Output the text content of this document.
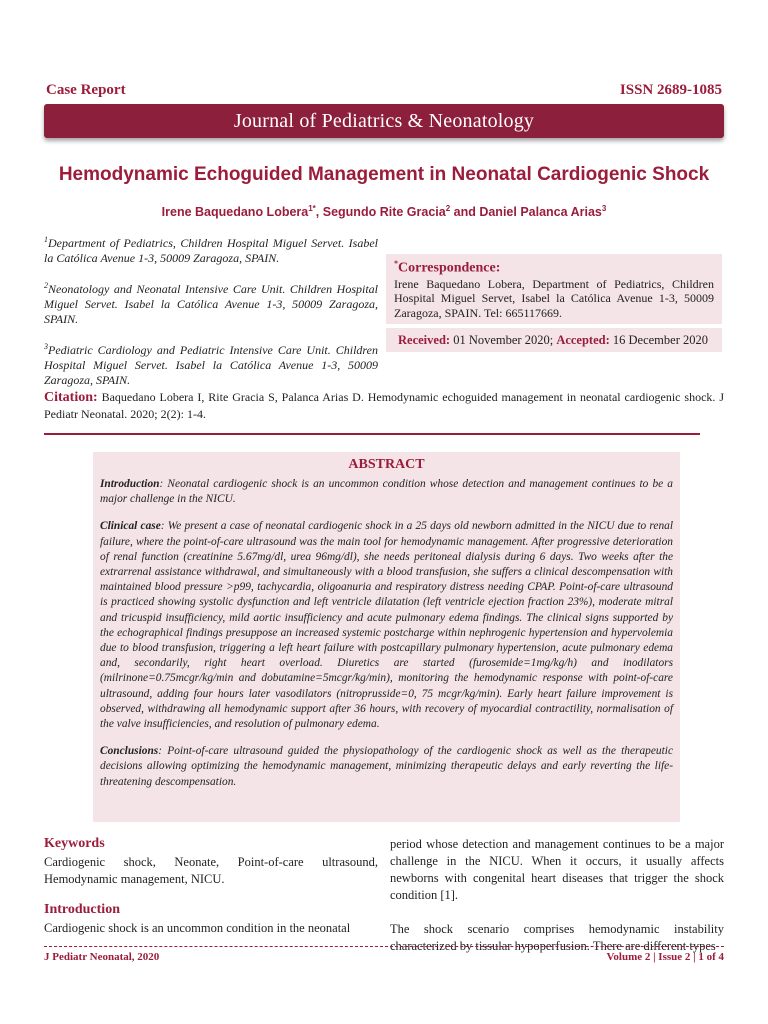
Case Report	ISSN 2689-1085
Journal of Pediatrics & Neonatology
Hemodynamic Echoguided Management in Neonatal Cardiogenic Shock
Irene Baquedano Lobera$^{1*}$, Segundo Rite Gracia$^2$ and Daniel Palanca Arias$^3$

$^1$Department of Pediatrics, Children Hospital Miguel Servet. Isabel la Católica Avenue 1-3, 50009 Zaragoza, SPAIN.

$^2$Neonatology and Neonatal Intensive Care Unit. Children Hospital Miguel Servet. Isabel la Católica Avenue 1-3, 50009 Zaragoza, SPAIN.

$^3$Pediatric Cardiology and Pediatric Intensive Care Unit. Children Hospital Miguel Servet. Isabel la Católica Avenue 1-3, 50009 Zaragoza, SPAIN.

*Correspondence:
Irene Baquedano Lobera, Department of Pediatrics, Children Hospital Miguel Servet, Isabel la Católica Avenue 1-3, 50009 Zaragoza, SPAIN. Tel: 665117669.
Received:
01 November 2020 ;
Accepted:
16 December 2020
Citation: Baquedano Lobera I, Rite Gracia S, Palanca Arias D. Hemodynamic echoguided management in neonatal cardiogenic shock. J Pediatr Neonatal. 2020; 2(2): 1-4.
ABSTRACT

Introduction: Neonatal cardiogenic shock is an uncommon condition whose detection and management continues to be a major challenge in the NICU.

Clinical case: We present a case of neonatal cardiogenic shock in a 25 days old newborn admitted in the NICU due to renal failure, where the point-of-care ultrasound was the main tool for hemodynamic management. After progressive deterioration of renal function (creatinine 5.67mg/dl, urea 96mg/dl), she needs peritoneal dialysis during 6 days. Two weeks after the extrarrenal assistance withdrawal, and simultaneously with a blood transfusion, she suffers a clinical descompensation with maintained blood pressure >p99, tachycardia, oligoanuria and respiratory distress needing CPAP. Point-of-care ultrasound is practiced showing systolic dysfunction and left ventricle dilatation (left ventricle ejection fraction 23%), moderate mitral and tricuspid insufficiency, mild aortic insufficiency and acute pulmonary edema findings. The clinical signs supported by the echographical findings presuppose an increased systemic postcharge within nephrogenic hypertension and hypervolemia due to blood transfusion, triggering a left heart failure with postcapillary pulmonary hypertension, acute pulmonary edema and, secondarily, right heart overload. Diuretics are started (furosemide=1mg/kg/h) and inodilators (milrinone=0.75mcgr/kg/min and dobutamine=5mcgr/kg/min), monitoring the hemodynamic response with point-of-care ultrasound, adding four hours later vasodilators (nitroprusside=0, 75 mcgr/kg/min). Early heart failure improvement is observed, withdrawing all hemodynamic support after 36 hours, with recovery of myocardial contractility, normalisation of the valve insufficiencies, and resolution of pulmonary edema.

Conclusions: Point-of-care ultrasound guided the physiopathology of the cardiogenic shock as well as the therapeutic decisions allowing optimizing the hemodynamic management, minimizing therapeutic delays and early reverting the life-threatening descompensation.

Keywords

Cardiogenic shock, Neonate, Point-of-care ultrasound, Hemodynamic management, NICU.

Introduction

Cardiogenic shock is an uncommon condition in the neonatal

period whose detection and management continues to be a major challenge in the NICU. When it occurs, it usually affects newborns with congenital heart diseases that trigger the shock condition [1].

The shock scenario comprises hemodynamic instability characterized by tissular hypoperfusion. There are different types

J Pediatr Neonatal, 2020	Volume 2 | Issue 2 | 1 of 4
